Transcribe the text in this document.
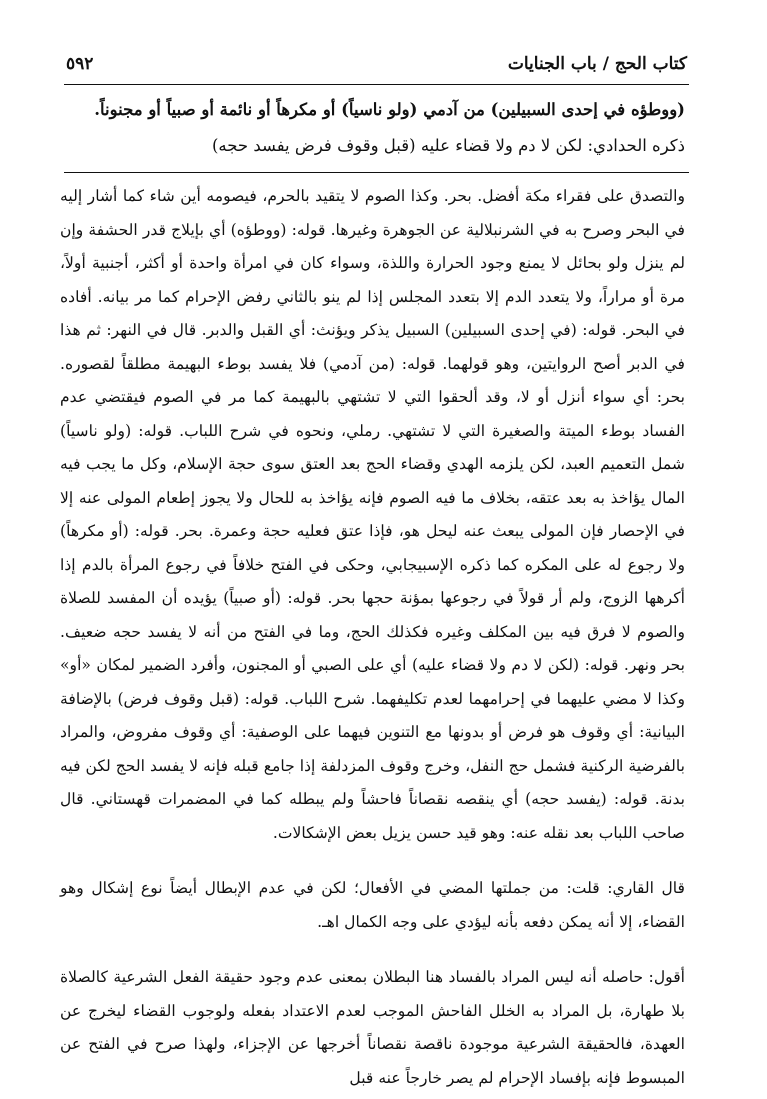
كتاب الحج / باب الجنايات
٥٩٢
(ووطؤه في إحدى السبيلين) من آدمي (ولو ناسياً) أو مكرهاً أو نائمة أو صبياً أو مجنوناً.
ذكره الحدادي: لكن لا دم ولا قضاء عليه (قبل وقوف فرض يفسد حجه)

والتصدق على فقراء مكة أفضل. بحر. وكذا الصوم لا يتقيد بالحرم، فيصومه أين شاء كما أشار إليه في البحر وصرح به في الشرنبلالية عن الجوهرة وغيرها. قوله: (ووطؤه) أي بإيلاج قدر الحشفة وإن لم ينزل ولو بحائل لا يمنع وجود الحرارة واللذة، وسواء كان في امرأة واحدة أو أكثر، أجنبية أولاً، مرة أو مراراً، ولا يتعدد الدم إلا بتعدد المجلس إذا لم ينو بالثاني رفض الإحرام كما مر بيانه. أفاده في البحر. قوله: (في إحدى السبيلين) السبيل يذكر ويؤنث: أي القبل والدبر. قال في النهر: ثم هذا في الدبر أصح الروايتين، وهو قولهما. قوله: (من آدمي) فلا يفسد بوطء البهيمة مطلقاً لقصوره. بحر: أي سواء أنزل أو لا، وقد ألحقوا التي لا تشتهي بالبهيمة كما مر في الصوم فيقتضي عدم الفساد بوطء الميتة والصغيرة التي لا تشتهي. رملي، ونحوه في شرح اللباب. قوله: (ولو ناسياً) شمل التعميم العبد، لكن يلزمه الهدي وقضاء الحج بعد العتق سوى حجة الإسلام، وكل ما يجب فيه المال يؤاخذ به بعد عتقه، بخلاف ما فيه الصوم فإنه يؤاخذ به للحال ولا يجوز إطعام المولى عنه إلا في الإحصار فإن المولى يبعث عنه ليحل هو، فإذا عتق فعليه حجة وعمرة. بحر. قوله: (أو مكرهاً) ولا رجوع له على المكره كما ذكره الإسبيجابي، وحكى في الفتح خلافاً في رجوع المرأة بالدم إذا أكرهها الزوج، ولم أر قولاً في رجوعها بمؤنة حجها بحر. قوله: (أو صبياً) يؤيده أن المفسد للصلاة والصوم لا فرق فيه بين المكلف وغيره فكذلك الحج، وما في الفتح من أنه لا يفسد حجه ضعيف. بحر ونهر. قوله: (لكن لا دم ولا قضاء عليه) أي على الصبي أو المجنون، وأفرد الضمير لمكان «أو» وكذا لا مضي عليهما في إحرامهما لعدم تكليفهما. شرح اللباب. قوله: (قبل وقوف فرض) بالإضافة البيانية: أي وقوف هو فرض أو بدونها مع التنوين فيهما على الوصفية: أي وقوف مفروض، والمراد بالفرضية الركنية فشمل حج النفل، وخرج وقوف المزدلفة إذا جامع قبله فإنه لا يفسد الحج لكن فيه بدنة. قوله: (يفسد حجه) أي ينقصه نقصاناً فاحشاً ولم يبطله كما في المضمرات قهستاني. قال صاحب اللباب بعد نقله عنه: وهو قيد حسن يزيل بعض الإشكالات.

قال القاري: قلت: من جملتها المضي في الأفعال؛ لكن في عدم الإبطال أيضاً نوع إشكال وهو القضاء، إلا أنه يمكن دفعه بأنه ليؤدي على وجه الكمال اهـ.

أقول: حاصله أنه ليس المراد بالفساد هنا البطلان بمعنى عدم وجود حقيقة الفعل الشرعية كالصلاة بلا طهارة، بل المراد به الخلل الفاحش الموجب لعدم الاعتداد بفعله ولوجوب القضاء ليخرج عن العهدة، فالحقيقة الشرعية موجودة ناقصة نقصاناً أخرجها عن الإجزاء، ولهذا صرح في الفتح عن المبسوط فإنه بإفساد الإحرام لم يصر خارجاً عنه قبل
